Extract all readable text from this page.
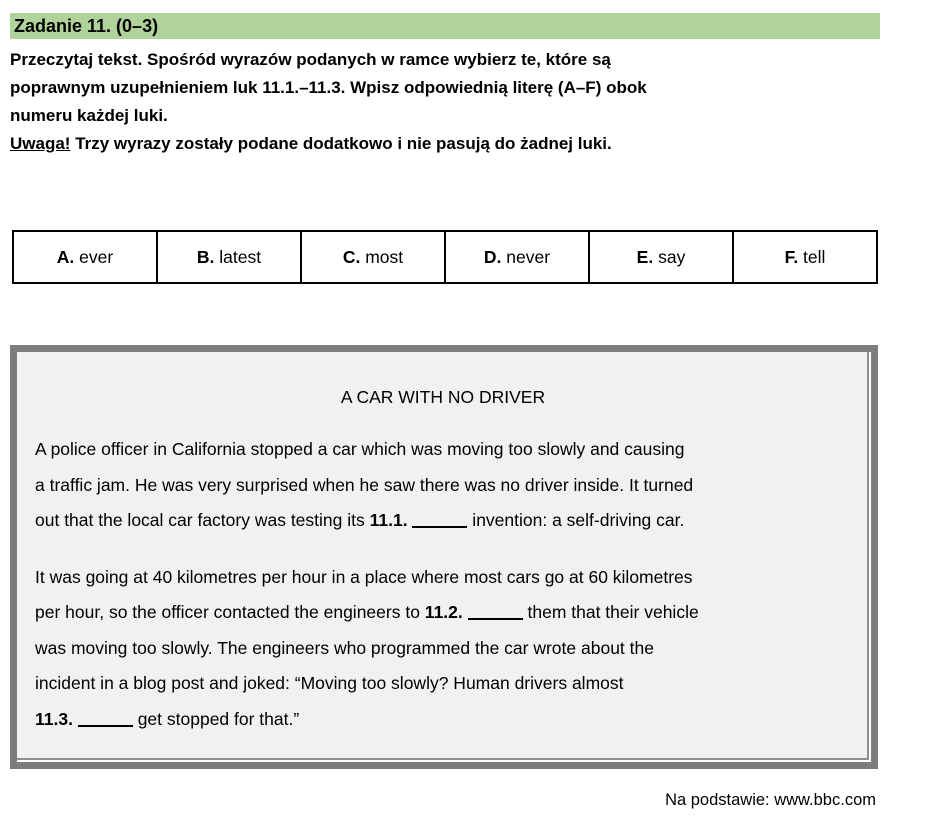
Zadanie 11. (0–3)
Przeczytaj tekst. Spośród wyrazów podanych w ramce wybierz te, które są
poprawnym uzupełnieniem luk 11.1.–11.3. Wpisz odpowiednią literę (A–F) obok
numeru każdej luki.
Uwaga! Trzy wyrazy zostały podane dodatkowo i nie pasują do żadnej luki.
A. ever	B. latest	C. most	D. never	E. say	F. tell
A CAR WITH NO DRIVER
A police officer in California stopped a car which was moving too slowly and causing
a traffic jam. He was very surprised when he saw there was no driver inside. It turned
out that the local car factory was testing its 11.1.	invention: a self-driving car.
It was going at 40 kilometres per hour in a place where most cars go at 60 kilometres
per hour, so the officer contacted the engineers to 11.2.	them that their vehicle
was moving too slowly. The engineers who programmed the car wrote about the
incident in a blog post and joked: “Moving too slowly? Human drivers almost
11.3.	get stopped for that.”
Na podstawie: www.bbc.com
